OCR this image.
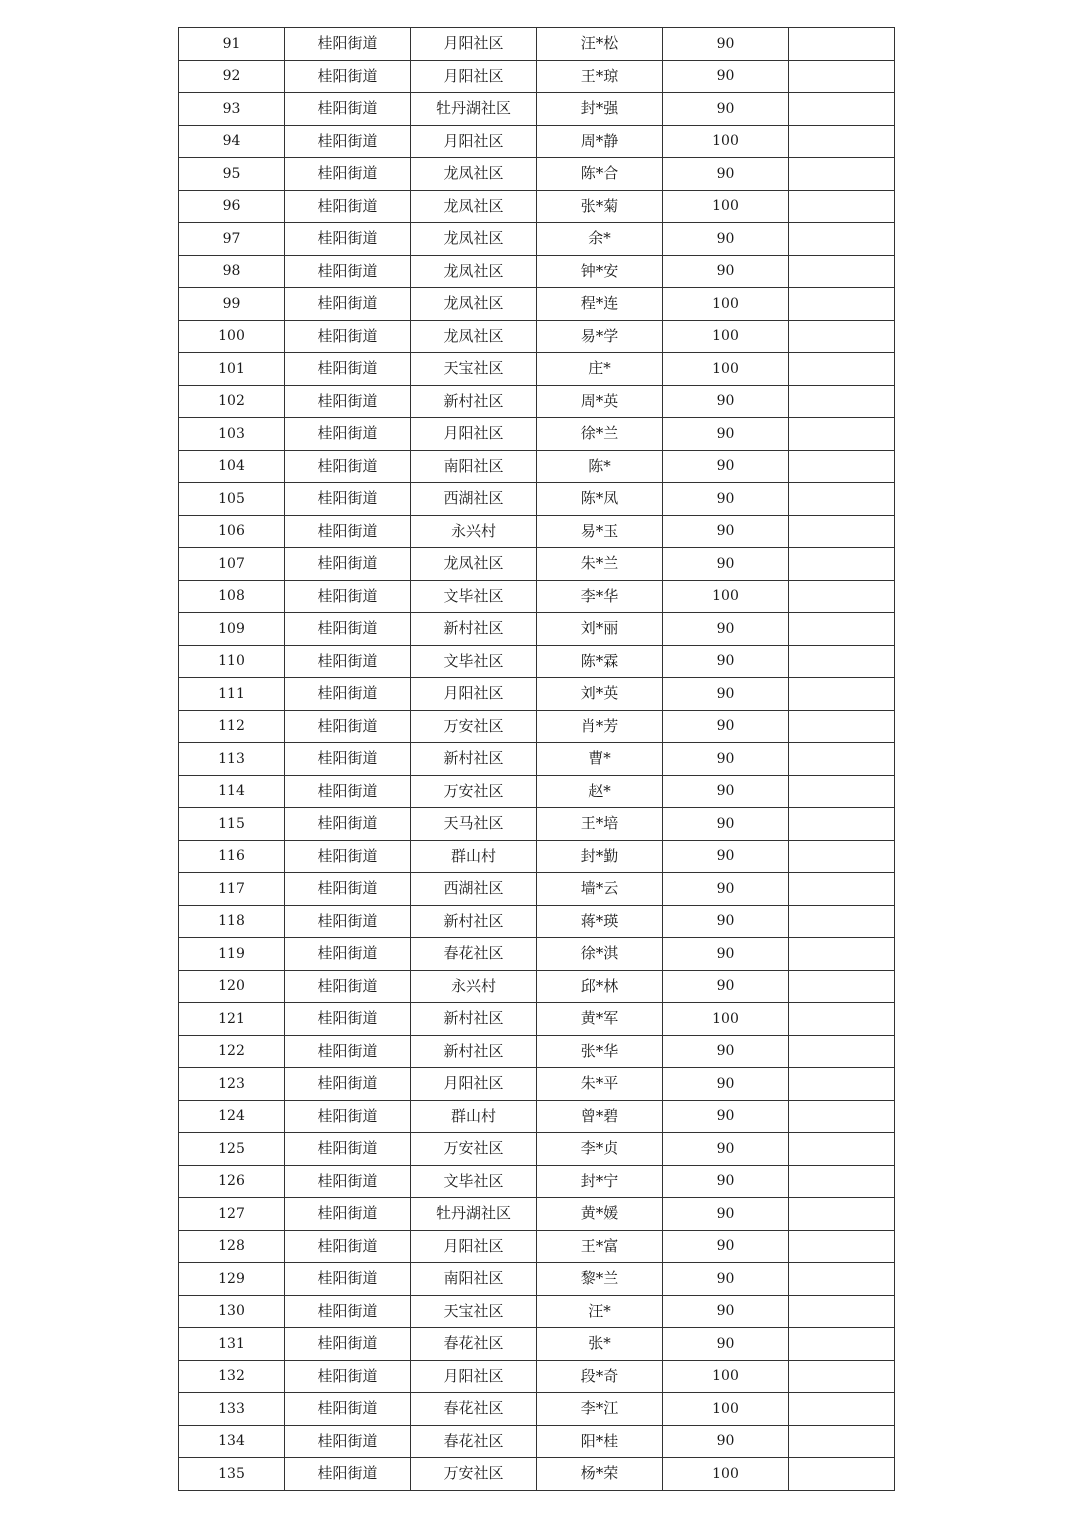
91	桂阳街道	月阳社区	汪*松	90	
92	桂阳街道	月阳社区	王*琼	90	
93	桂阳街道	牡丹湖社区	封*强	90	
94	桂阳街道	月阳社区	周*静	100	
95	桂阳街道	龙凤社区	陈*合	90	
96	桂阳街道	龙凤社区	张*菊	100	
97	桂阳街道	龙凤社区	余*	90	
98	桂阳街道	龙凤社区	钟*安	90	
99	桂阳街道	龙凤社区	程*连	100	
100	桂阳街道	龙凤社区	易*学	100	
101	桂阳街道	天宝社区	庄*	100	
102	桂阳街道	新村社区	周*英	90	
103	桂阳街道	月阳社区	徐*兰	90	
104	桂阳街道	南阳社区	陈*	90	
105	桂阳街道	西湖社区	陈*凤	90	
106	桂阳街道	永兴村	易*玉	90	
107	桂阳街道	龙凤社区	朱*兰	90	
108	桂阳街道	文毕社区	李*华	100	
109	桂阳街道	新村社区	刘*丽	90	
110	桂阳街道	文毕社区	陈*霖	90	
111	桂阳街道	月阳社区	刘*英	90	
112	桂阳街道	万安社区	肖*芳	90	
113	桂阳街道	新村社区	曹*	90	
114	桂阳街道	万安社区	赵*	90	
115	桂阳街道	天马社区	王*培	90	
116	桂阳街道	群山村	封*勤	90	
117	桂阳街道	西湖社区	墙*云	90	
118	桂阳街道	新村社区	蒋*瑛	90	
119	桂阳街道	春花社区	徐*淇	90	
120	桂阳街道	永兴村	邱*林	90	
121	桂阳街道	新村社区	黄*军	100	
122	桂阳街道	新村社区	张*华	90	
123	桂阳街道	月阳社区	朱*平	90	
124	桂阳街道	群山村	曾*碧	90	
125	桂阳街道	万安社区	李*贞	90	
126	桂阳街道	文毕社区	封*宁	90	
127	桂阳街道	牡丹湖社区	黄*媛	90	
128	桂阳街道	月阳社区	王*富	90	
129	桂阳街道	南阳社区	黎*兰	90	
130	桂阳街道	天宝社区	汪*	90	
131	桂阳街道	春花社区	张*	90	
132	桂阳街道	月阳社区	段*奇	100	
133	桂阳街道	春花社区	李*江	100	
134	桂阳街道	春花社区	阳*桂	90	
135	桂阳街道	万安社区	杨*荣	100	
